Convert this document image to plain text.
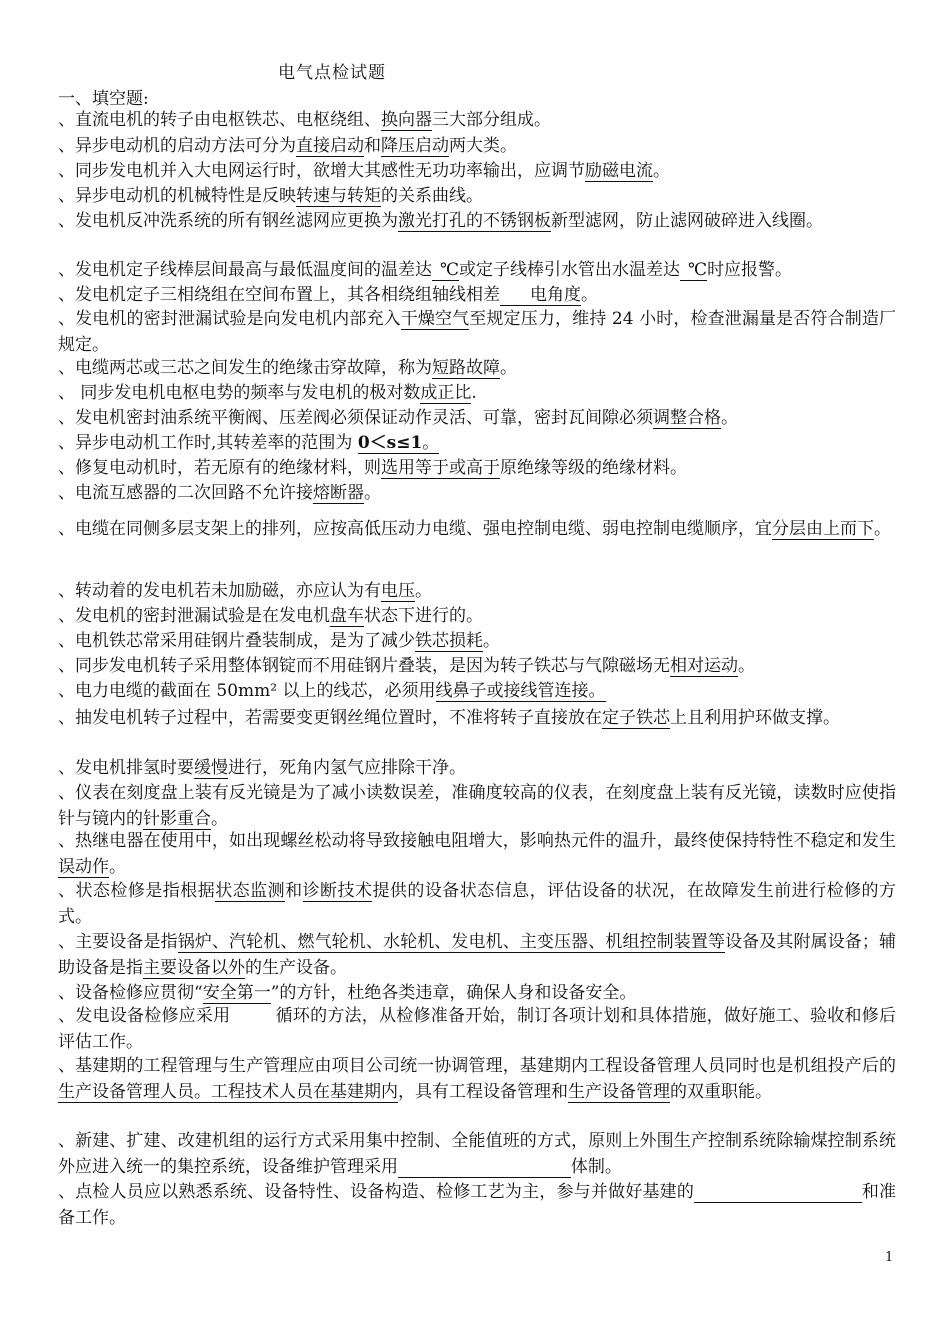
电气点检试题
一、填空题:
、直流电机的转子由电枢铁芯、电枢绕组、换向器三大部分组成。
、异步电动机的启动方法可分为直接启动和降压启动两大类。
、同步发电机并入大电网运行时，欲增大其感性无功功率输出，应调节励磁电流。
、异步电动机的机械特性是反映转速与转矩的关系曲线。
、发电机反冲洗系统的所有钢丝滤网应更换为激光打孔的不锈钢板新型滤网，防止滤网破碎进入线圈。
、发电机定子线棒层间最高与最低温度间的温差达 ℃或定子线棒引水管出水温差达 ℃时应报警。
、发电机定子三相绕组在空间布置上，其各相绕组轴线相差 电角度。
、发电机的密封泄漏试验是向发电机内部充入干燥空气至规定压力，维持 24 小时，检查泄漏量是否符合制造厂规定。
、电缆两芯或三芯之间发生的绝缘击穿故障，称为短路故障。
、 同步发电机电枢电势的频率与发电机的极对数成正比.
、发电机密封油系统平衡阀、压差阀必须保证动作灵活、可靠，密封瓦间隙必须调整合格。
、异步电动机工作时,其转差率的范围为 0＜s≤1。
、修复电动机时，若无原有的绝缘材料，则选用等于或高于原绝缘等级的绝缘材料。
、电流互感器的二次回路不允许接熔断器。
、电缆在同侧多层支架上的排列，应按高低压动力电缆、强电控制电缆、弱电控制电缆顺序，宜分层由上而下。
、转动着的发电机若未加励磁，亦应认为有电压。
、发电机的密封泄漏试验是在发电机盘车状态下进行的。
、电机铁芯常采用硅钢片叠装制成，是为了减少铁芯损耗。
、同步发电机转子采用整体钢锭而不用硅钢片叠装，是因为转子铁芯与气隙磁场无相对运动。
、电力电缆的截面在 50mm² 以上的线芯，必须用线鼻子或接线管连接。
、抽发电机转子过程中，若需要变更钢丝绳位置时，不准将转子直接放在定子铁芯上且利用护环做支撑。
、发电机排氢时要缓慢进行，死角内氢气应排除干净。
、仪表在刻度盘上装有反光镜是为了减小读数误差，准确度较高的仪表，在刻度盘上装有反光镜，读数时应使指针与镜内的针影重合。
、热继电器在使用中，如出现螺丝松动将导致接触电阻增大，影响热元件的温升，最终使保持特性不稳定和发生误动作。
、状态检修是指根据状态监测和诊断技术提供的设备状态信息，评估设备的状况，在故障发生前进行检修的方式。
、主要设备是指锅炉、汽轮机、燃气轮机、水轮机、发电机、主变压器、机组控制装置等设备及其附属设备；辅助设备是指主要设备以外的生产设备。
、设备检修应贯彻“安全第一”的方针，杜绝各类违章，确保人身和设备安全。
、发电设备检修应采用	循环的方法，从检修准备开始，制订各项计划和具体措施，做好施工、验收和修后评估工作。
、基建期的工程管理与生产管理应由项目公司统一协调管理，基建期内工程设备管理人员同时也是机组投产后的生产设备管理人员。工程技术人员在基建期内，具有工程设备管理和生产设备管理的双重职能。
、新建、扩建、改建机组的运行方式采用集中控制、全能值班的方式，原则上外围生产控制系统除输煤控制系统外应进入统一的集控系统，设备维护管理采用	体制。
、点检人员应以熟悉系统、设备特性、设备构造、检修工艺为主，参与并做好基建的	和准备工作。
1
